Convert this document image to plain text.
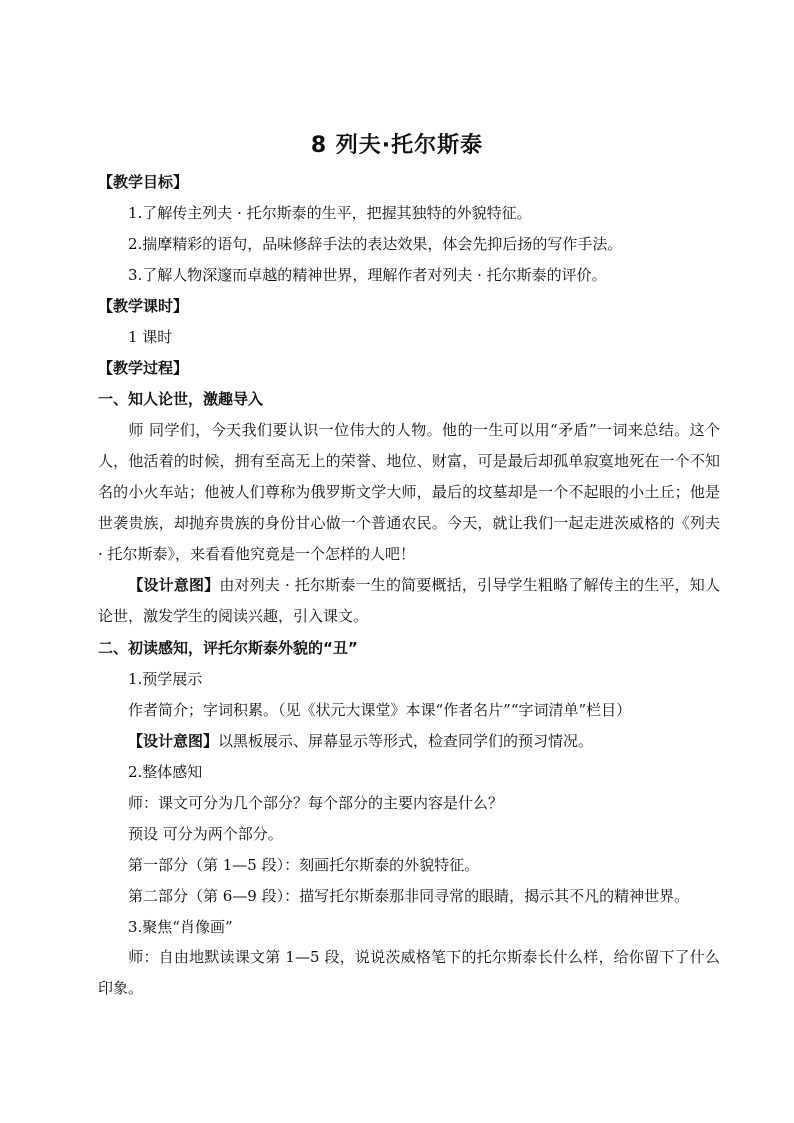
8 列夫·托尔斯泰
【教学目标】
1.了解传主列夫 · 托尔斯泰的生平，把握其独特的外貌特征。
2.揣摩精彩的语句，品味修辞手法的表达效果，体会先抑后扬的写作手法。
3.了解人物深邃而卓越的精神世界，理解作者对列夫 · 托尔斯泰的评价。
【教学课时】
1 课时
【教学过程】
一、知人论世，激趣导入
师 同学们，今天我们要认识一位伟大的人物。他的一生可以用“矛盾”一词来总结。这个人，他活着的时候，拥有至高无上的荣誉、地位、财富，可是最后却孤单寂寞地死在一个不知名的小火车站；他被人们尊称为俄罗斯文学大师，最后的坟墓却是一个不起眼的小土丘；他是世袭贵族，却抛弃贵族的身份甘心做一个普通农民。今天，就让我们一起走进茨威格的《列夫 · 托尔斯泰》，来看看他究竟是一个怎样的人吧！
【设计意图】由对列夫 · 托尔斯泰一生的简要概括，引导学生粗略了解传主的生平，知人论世，激发学生的阅读兴趣，引入课文。
二、初读感知，评托尔斯泰外貌的“丑”
1.预学展示
作者简介；字词积累。（见《状元大课堂》本课“作者名片”“字词清单”栏目）
【设计意图】以黑板展示、屏幕显示等形式，检查同学们的预习情况。
2.整体感知
师：课文可分为几个部分？每个部分的主要内容是什么？
预设 可分为两个部分。
第一部分（第 1—5 段）：刻画托尔斯泰的外貌特征。
第二部分（第 6—9 段）：描写托尔斯泰那非同寻常的眼睛，揭示其不凡的精神世界。
3.聚焦“肖像画”
师：自由地默读课文第 1—5 段，说说茨威格笔下的托尔斯泰长什么样，给你留下了什么印象。
